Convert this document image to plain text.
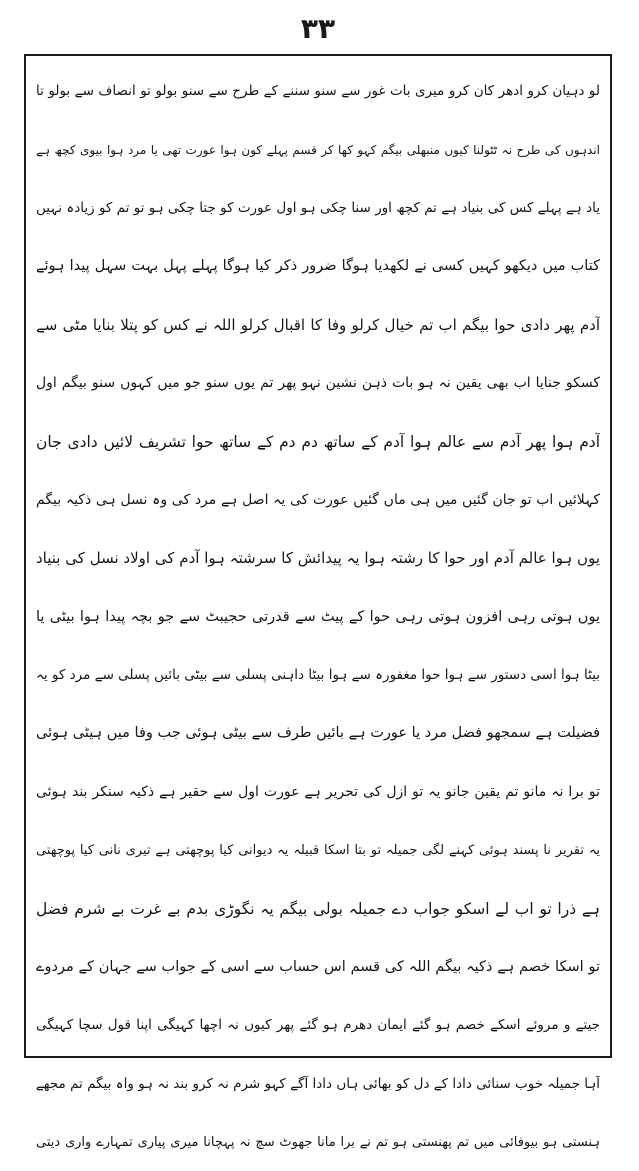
۳۳
لو دہیان کرو ادھر کان کرو میری بات غور سے سنو سننے کے طرح سے سنو بولو تو انصاف سے بولو تا
اندہوں کی طرح نہ ٹٹولنا کیوں منبھلی بیگم کہو کھا کر قسم پہلے کون ہوا عورت تھی یا مرد ہوا بیوی کچھ ہے
یاد ہے پہلے کس کی بنیاد ہے تم کچھ اور سنا چکی ہو اول عورت کو جتا چکی ہو تو تم کو زیادہ نہیں
کتاب میں دیکھو کہیں کسی نے لکھدیا ہوگا ضرور ذکر کیا ہوگا پہلے پہل بہت سہل پیدا ہوئے
آدم پھر دادی حوا بیگم اب تم خیال کرلو وفا کا اقبال کرلو اللہ نے کس کو پتلا بنایا مٹی سے
کسکو جنایا اب بھی یقین نہ ہو بات ذہن نشین نہو پھر تم یوں سنو جو میں کہوں سنو بیگم اول
آدم ہوا پھر آدم سے عالم ہوا آدم کے ساتھ دم دم کے ساتھ حوا تشریف لائیں دادی جان
کہلائیں اب تو جان گئیں میں ہی ماں گئیں عورت کی یہ اصل ہے مرد کی وہ نسل ہی ذکیہ بیگم
یوں ہوا عالم آدم اور حوا کا رشتہ ہوا یہ پیدائش کا سرشتہ ہوا آدم کی اولاد نسل کی بنیاد
یوں ہوتی رہی افزون ہوتی رہی حوا کے پیٹ سے قدرتی حجیبٹ سے جو بچہ پیدا ہوا بیٹی یا
بیٹا ہوا اسی دستور سے ہوا حوا مغفورہ سے ہوا بیٹا داہنی پسلی سے بیٹی بائیں پسلی سے مرد کو یہ
فضیلت ہے سمجھو فضل مرد یا عورت ہے بائیں طرف سے بیٹی ہوئی جب وفا میں ہیٹی ہوئی
تو برا نہ مانو تم یقین جانو یہ تو ازل کی تحریر ہے عورت اول سے حقیر ہے ذکیہ سنکر بند ہوئی
یہ تقریر نا پسند ہوئی کہنے لگی جمیلہ تو بتا اسکا قبیلہ یہ دیوانی کیا پوچھتی ہے تیری نانی کیا پوچھتی
ہے ذرا تو اب لے اسکو جواب دے جمیلہ بولی بیگم یہ نگوڑی بدم بے غرت بے شرم فضل
تو اسکا خصم ہے ذکیہ بیگم اللہ کی قسم اس حساب سے اسی کے جواب سے جہان کے مردوے
جیتے و مروئے اسکے خصم ہو گئے ایمان دھرم ہو گئے پھر کیوں نہ اچھا کہیگی اپنا قول سچا کہیگی
آہا جمیلہ خوب سنائی دادا کے دل کو بھائی ہاں دادا آگے کہو شرم نہ کرو بند نہ ہو واہ بیگم تم مجھے
ہنستی ہو بیوفائی میں تم پھنستی ہو تم نے برا مانا جھوٹ سچ نہ پہچانا میری پیاری تمہارے واری دیتی
